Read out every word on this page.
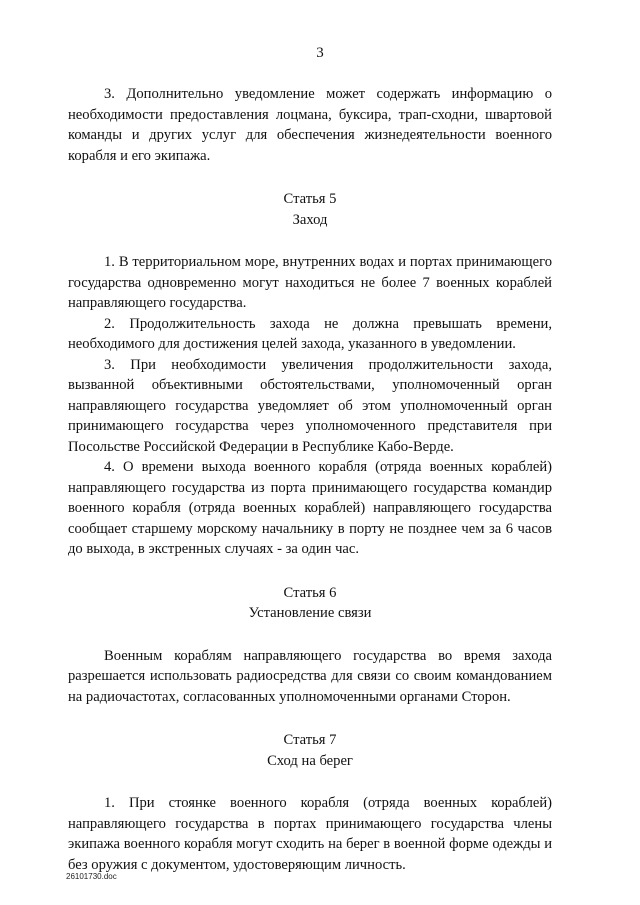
3

3. Дополнительно уведомление может содержать информацию о необходимости предоставления лоцмана, буксира, трап-сходни, швартовой команды и других услуг для обеспечения жизнедеятельности военного корабля и его экипажа.

Статья 5
Заход

1. В территориальном море, внутренних водах и портах принимающего государства одновременно могут находиться не более 7 военных кораблей направляющего государства.

2. Продолжительность захода не должна превышать времени, необходимого для достижения целей захода, указанного в уведомлении.

3. При необходимости увеличения продолжительности захода, вызванной объективными обстоятельствами, уполномоченный орган направляющего государства уведомляет об этом уполномоченный орган принимающего государства через уполномоченного представителя при Посольстве Российской Федерации в Республике Кабо-Верде.

4. О времени выхода военного корабля (отряда военных кораблей) направляющего государства из порта принимающего государства командир военного корабля (отряда военных кораблей) направляющего государства сообщает старшему морскому начальнику в порту не позднее чем за 6 часов до выхода, в экстренных случаях - за один час.

Статья 6
Установление связи

Военным кораблям направляющего государства во время захода разрешается использовать радиосредства для связи со своим командованием на радиочастотах, согласованных уполномоченными органами Сторон.

Статья 7
Сход на берег

1. При стоянке военного корабля (отряда военных кораблей) направляющего государства в портах принимающего государства члены экипажа военного корабля могут сходить на берег в военной форме одежды и без оружия с документом, удостоверяющим личность.

26101730.doc
